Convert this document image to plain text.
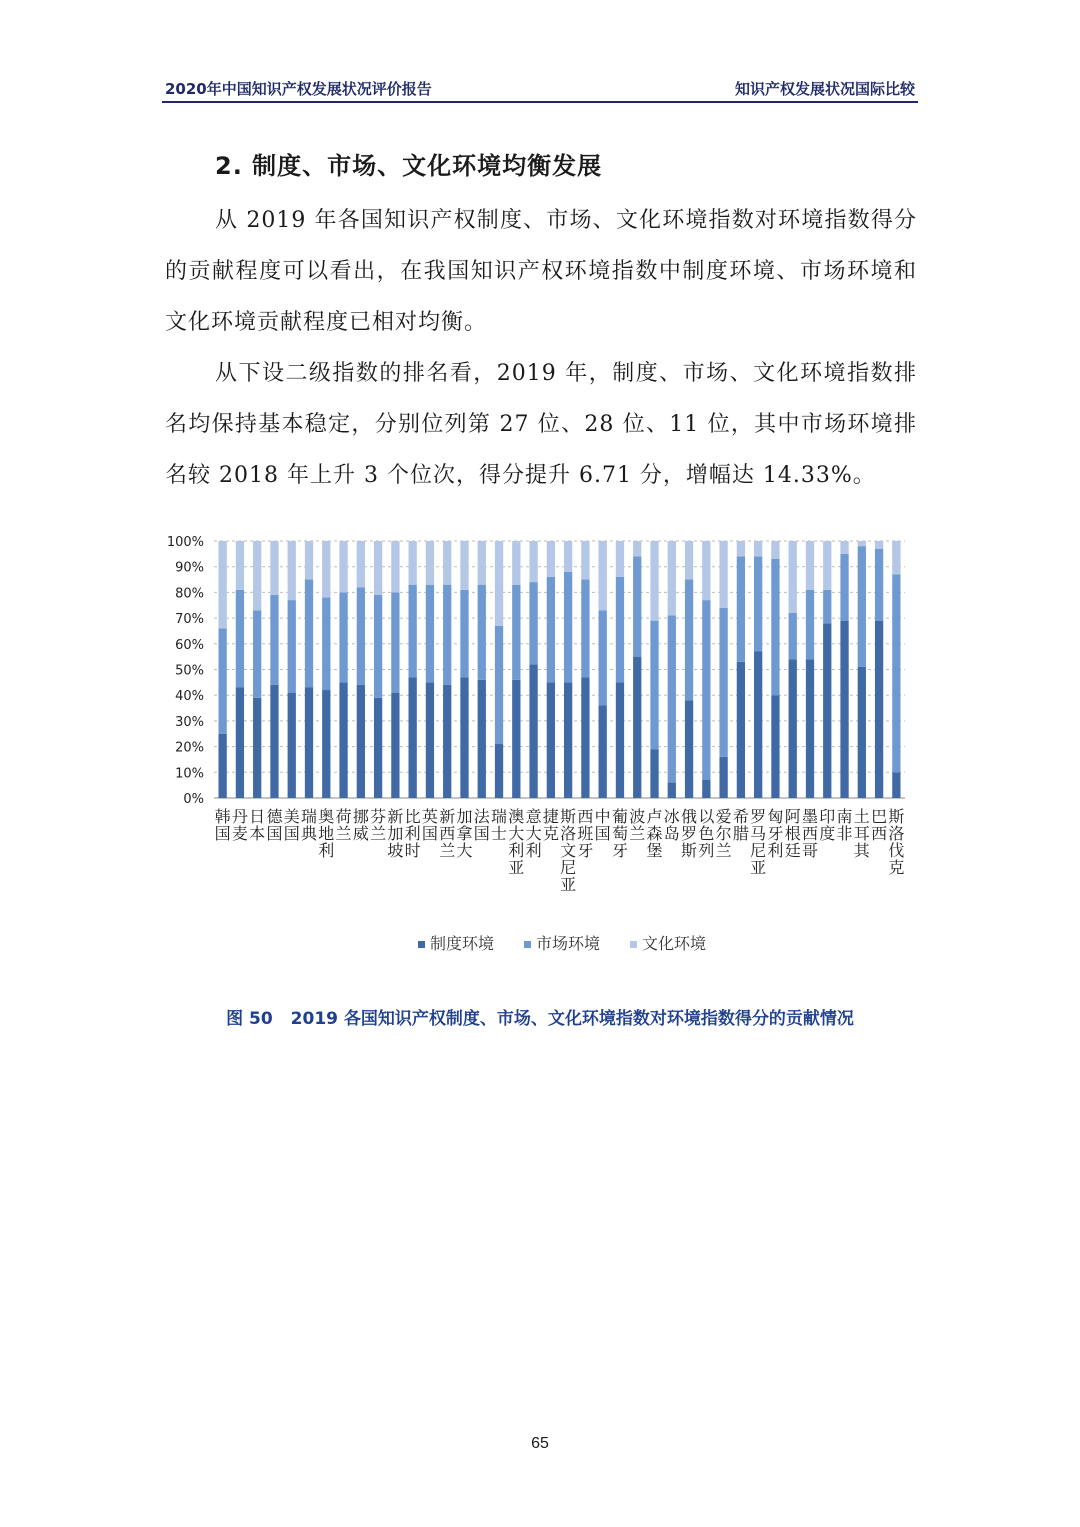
2020年中国知识产权发展状况评价报告	知识产权发展状况国际比较
2. 制度、市场、文化环境均衡发展
从 2019 年各国知识产权制度、市场、文化环境指数对环境指数得分的贡献程度可以看出，在我国知识产权环境指数中制度环境、市场环境和文化环境贡献程度已相对均衡。
从下设二级指数的排名看，2019 年，制度、市场、文化环境指数排名均保持基本稳定，分别位列第 27 位、28 位、11 位，其中市场环境排名较 2018 年上升 3 个位次，得分提升 6.71 分，增幅达 14.33%。
0%
10%
20%
30%
40%
50%
60%
70%
80%
90%
100%
韩
国
丹
麦
日
本
德
国
美
国
瑞
典
奥
地
利
荷
兰
挪
威
芬
兰
新
加
坡
比
利
时
英
国
新
西
兰
加
拿
大
法
国
瑞
士
澳
大
利
亚
意
大
利
捷
克
斯
洛
文
尼
亚
西
班
牙
中
国
葡
萄
牙
波
兰
卢
森
堡
冰
岛
俄
罗
斯
以
色
列
爱
尔
兰
希
腊
罗
马
尼
亚
匈
牙
利
阿
根
廷
墨
西
哥
印
度
南
非
土
耳
其
巴
西
斯
洛
伐
克
制度环境	市场环境	文化环境
图 50 2019 各国知识产权制度、市场、文化环境指数对环境指数得分的贡献情况
65
